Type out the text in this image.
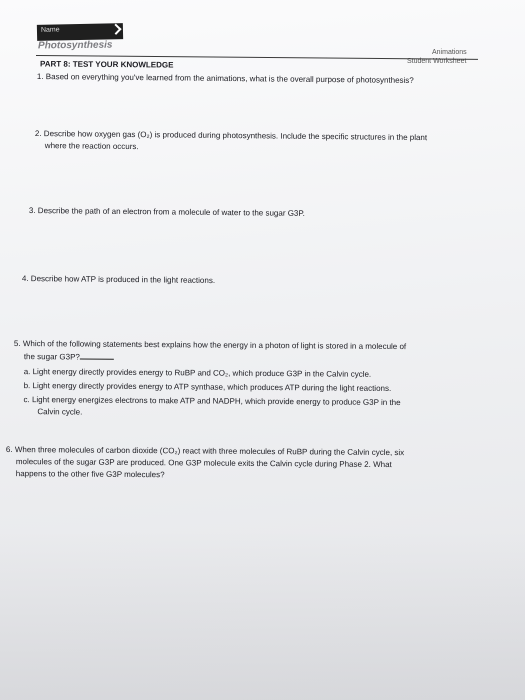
Name
Photosynthesis
Animations
Student Worksheet
PART 8: TEST YOUR KNOWLEDGE
1. Based on everything you've learned from the animations, what is the overall purpose of photosynthesis?
2. Describe how oxygen gas (O₂) is produced during photosynthesis. Include the specific structures in the plant
where the reaction occurs.
3. Describe the path of an electron from a molecule of water to the sugar G3P.
4. Describe how ATP is produced in the light reactions.
5. Which of the following statements best explains how the energy in a photon of light is stored in a molecule of
the sugar G3P?
a. Light energy directly provides energy to RuBP and CO₂, which produce G3P in the Calvin cycle.
b. Light energy directly provides energy to ATP synthase, which produces ATP during the light reactions.
c. Light energy energizes electrons to make ATP and NADPH, which provide energy to produce G3P in the
Calvin cycle.
6. When three molecules of carbon dioxide (CO₂) react with three molecules of RuBP during the Calvin cycle, six
molecules of the sugar G3P are produced. One G3P molecule exits the Calvin cycle during Phase 2. What
happens to the other five G3P molecules?
